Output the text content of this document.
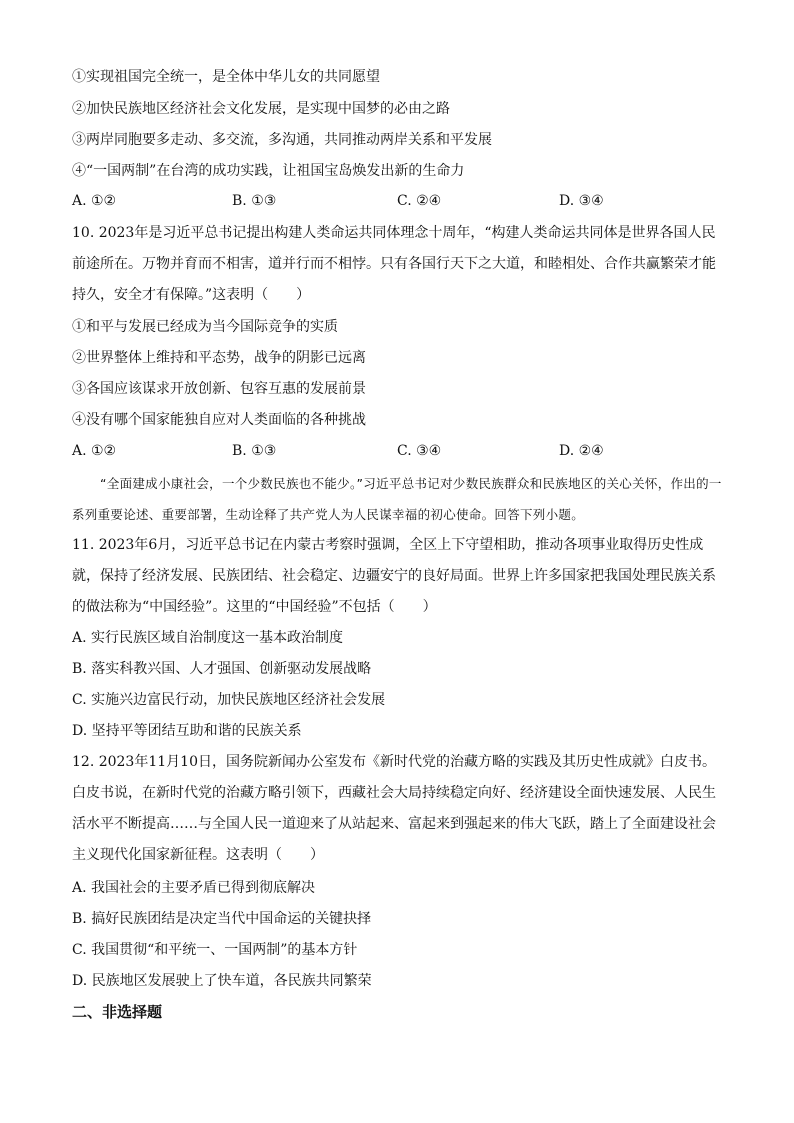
①实现祖国完全统一，是全体中华儿女的共同愿望
②加快民族地区经济社会文化发展，是实现中国梦的必由之路
③两岸同胞要多走动、多交流，多沟通，共同推动两岸关系和平发展
④“一国两制”在台湾的成功实践，让祖国宝岛焕发出新的生命力
A. ①②	B. ①③	C. ②④	D. ③④
10. 2023年是习近平总书记提出构建人类命运共同体理念十周年，“构建人类命运共同体是世界各国人民前途所在。万物并育而不相害，道并行而不相悖。只有各国行天下之大道，和睦相处、合作共赢繁荣才能持久，安全才有保障。”这表明（　　）
①和平与发展已经成为当今国际竞争的实质
②世界整体上维持和平态势，战争的阴影已远离
③各国应该谋求开放创新、包容互惠的发展前景
④没有哪个国家能独自应对人类面临的各种挑战
A. ①②	B. ①③	C. ③④	D. ②④
“全面建成小康社会，一个少数民族也不能少。”习近平总书记对少数民族群众和民族地区的关心关怀，作出的一系列重要论述、重要部署，生动诠释了共产党人为人民谋幸福的初心使命。回答下列小题。
11. 2023年6月，习近平总书记在内蒙古考察时强调，全区上下守望相助，推动各项事业取得历史性成就，保持了经济发展、民族团结、社会稳定、边疆安宁的良好局面。世界上许多国家把我国处理民族关系的做法称为“中国经验”。这里的“中国经验”不包括（　　）
A. 实行民族区域自治制度这一基本政治制度
B. 落实科教兴国、人才强国、创新驱动发展战略
C. 实施兴边富民行动，加快民族地区经济社会发展
D. 坚持平等团结互助和谐的民族关系
12. 2023年11月10日，国务院新闻办公室发布《新时代党的治藏方略的实践及其历史性成就》白皮书。白皮书说，在新时代党的治藏方略引领下，西藏社会大局持续稳定向好、经济建设全面快速发展、人民生活水平不断提高……与全国人民一道迎来了从站起来、富起来到强起来的伟大飞跃，踏上了全面建设社会主义现代化国家新征程。这表明（　　）
A. 我国社会的主要矛盾已得到彻底解决
B. 搞好民族团结是决定当代中国命运的关键抉择
C. 我国贯彻“和平统一、一国两制”的基本方针
D. 民族地区发展驶上了快车道，各民族共同繁荣
二、非选择题
